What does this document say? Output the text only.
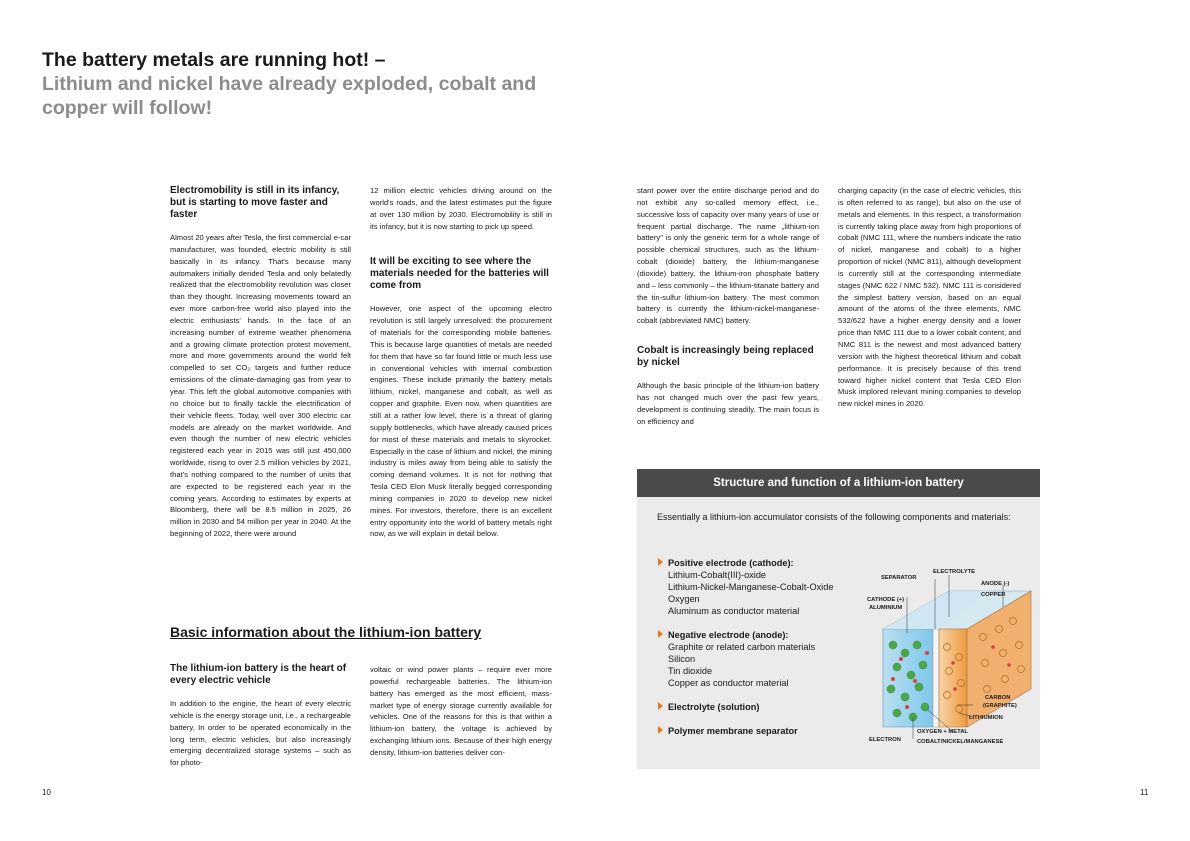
The battery metals are running hot! –
Lithium and nickel have already exploded, cobalt and
copper will follow!
Electromobility is still in its infancy, but is starting to move faster and faster

Almost 20 years after Tesla, the first commercial e-car manufacturer, was founded, electric mobility is still basically in its infancy. That's because many automakers initially derided Tesla and only belatedly realized that the electromobility revolution was closer than they thought. Increasing movements toward an ever more carbon-free world also played into the electric enthusiasts' hands. In the face of an increasing number of extreme weather phenomena and a growing climate protection protest movement, more and more governments around the world felt compelled to set CO₂ targets and further reduce emissions of the climate-damaging gas from year to year. This left the global automotive companies with no choice but to finally tackle the electrification of their vehicle fleets. Today, well over 300 electric car models are already on the market worldwide. And even though the number of new electric vehicles registered each year in 2015 was still just 450,000 worldwide, rising to over 2.5 million vehicles by 2021, that's nothing compared to the number of units that are expected to be registered each year in the coming years. According to estimates by experts at Bloomberg, there will be 8.5 million in 2025, 26 million in 2030 and 54 million per year in 2040. At the beginning of 2022, there were around

12 million electric vehicles driving around on the world's roads, and the latest estimates put the figure at over 130 million by 2030. Electromobility is still in its infancy, but it is now starting to pick up speed.

It will be exciting to see where the materials needed for the batteries will come from

However, one aspect of the upcoming electro revolution is still largely unresolved: the procurement of materials for the corresponding mobile batteries. This is because large quantities of metals are needed for them that have so far found little or much less use in conventional vehicles with internal combustion engines. These include primarily the battery metals lithium, nickel, manganese and cobalt, as well as copper and graphite. Even now, when quantities are still at a rather low level, there is a threat of glaring supply bottlenecks, which have already caused prices for most of these materials and metals to skyrocket. Especially in the case of lithium and nickel, the mining industry is miles away from being able to satisfy the coming demand volumes. It is not for nothing that Tesla CEO Elon Musk literally begged corresponding mining companies in 2020 to develop new nickel mines. For investors, therefore, there is an excellent entry opportunity into the world of battery metals right now, as we will explain in detail below.

Basic information about the lithium-ion battery
The lithium-ion battery is the heart of every electric vehicle

In addition to the engine, the heart of every electric vehicle is the energy storage unit, i.e., a rechargeable battery. In order to be operated economically in the long term, electric vehicles, but also increasingly emerging decentralized storage systems – such as for photo-

voltaic or wind power plants – require ever more powerful rechargeable batteries. The lithium-ion battery has emerged as the most efficient, mass-market type of energy storage currently available for vehicles. One of the reasons for this is that within a lithium-ion battery, the voltage is achieved by exchanging lithium ions. Because of their high energy density, lithium-ion batteries deliver con-

stant power over the entire discharge period and do not exhibit any so-called memory effect, i.e., successive loss of capacity over many years of use or frequent partial discharge. The name „lithium-ion battery" is only the generic term for a whole range of possible chemical structures, such as the lithium-cobalt (dioxide) battery, the lithium-manganese (dioxide) battery, the lithium-iron phosphate battery and – less commonly – the lithium-titanate battery and the tin-sulfur lithium-ion battery. The most common battery is currently the lithium-nickel-manganese-cobalt (abbreviated NMC) battery.

Cobalt is increasingly being replaced by nickel

Although the basic principle of the lithium-ion battery has not changed much over the past few years, development is continuing steadily. The main focus is on efficiency and

charging capacity (in the case of electric vehicles, this is often referred to as range), but also on the use of metals and elements. In this respect, a transformation is currently taking place away from high proportions of cobalt (NMC 111, where the numbers indicate the ratio of nickel, manganese and cobalt) to a higher proportion of nickel (NMC 811), although development is currently still at the corresponding intermediate stages (NMC 622 / NMC 532). NMC 111 is considered the simplest battery version, based on an equal amount of the atoms of the three elements, NMC 532/622 have a higher energy density and a lower price than NMC 111 due to a lower cobalt content, and NMC 811 is the newest and most advanced battery version with the highest theoretical lithium and cobalt performance. It is precisely because of this trend toward higher nickel content that Tesla CEO Elon Musk implored relevant mining companies to develop new nickel mines in 2020.

Structure and function of a lithium-ion battery
Essentially a lithium-ion accumulator consists of the following components and materials:
Positive electrode (cathode):
Lithium-Cobalt(III)-oxide
Lithium-Nickel-Manganese-Cobalt-Oxide
Oxygen
Aluminum as conductor material
Negative electrode (anode):
Graphite or related carbon materials
Silicon
Tin dioxide
Copper as conductor material
Electrolyte (solution)
Polymer membrane separator
SEPARATOR
ELECTROLYTE
CATHODE (+)
ALUMINIUM
ANODE (-)
COPPER
CARBON
(GRAPHITE)
LITHIUMION
OXYGEN + METAL
COBALT/NICKEL/MANGANESE
ELECTRON
10	11
